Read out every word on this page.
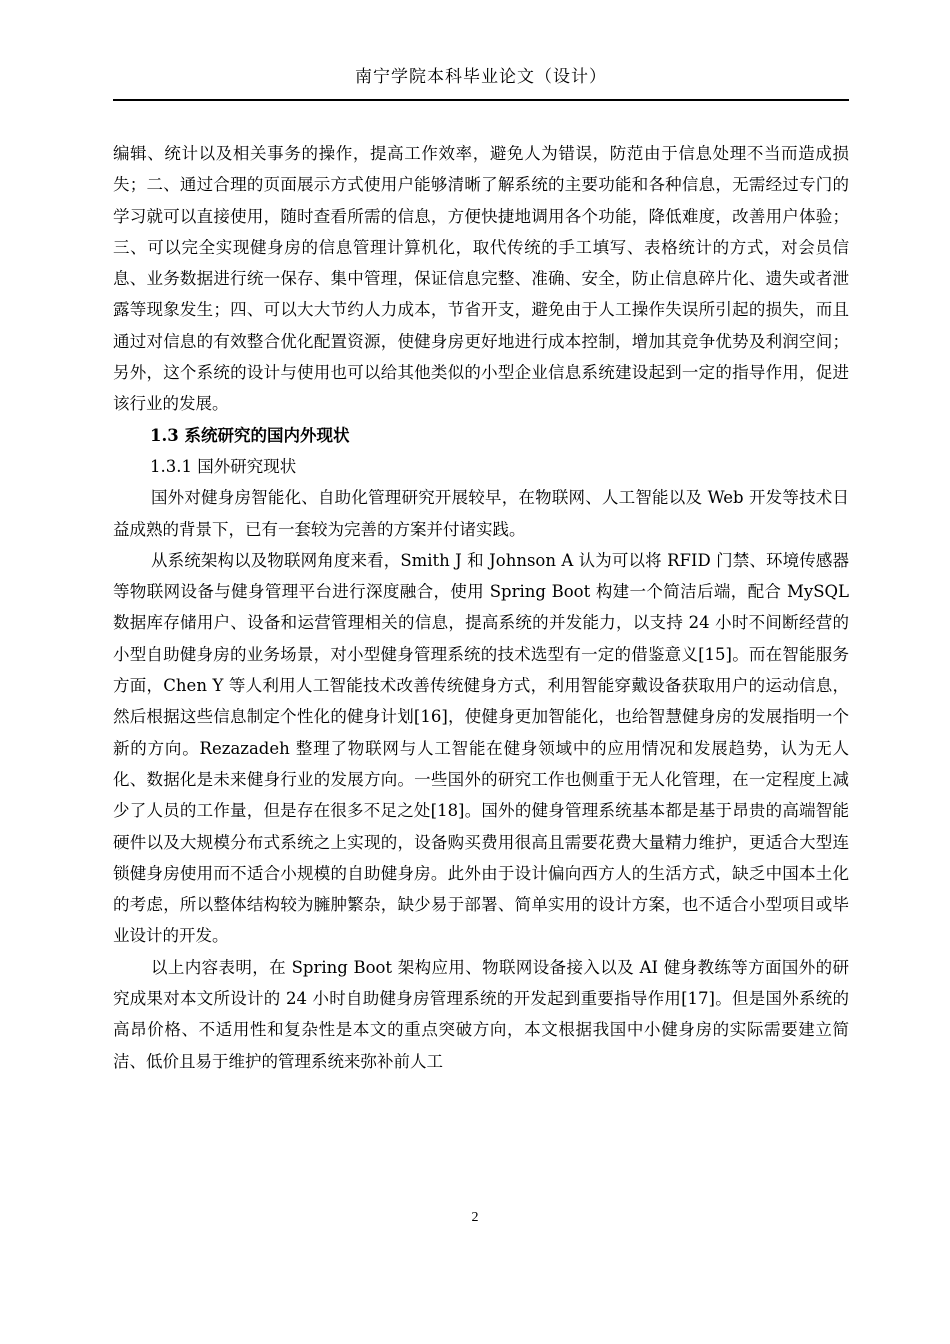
南宁学院本科毕业论文（设计）

编辑、统计以及相关事务的操作，提高工作效率，避免人为错误，防范由于信息处理不当而造成损失；二、通过合理的页面展示方式使用户能够清晰了解系统的主要功能和各种信息，无需经过专门的学习就可以直接使用，随时查看所需的信息，方便快捷地调用各个功能，降低难度，改善用户体验；三、可以完全实现健身房的信息管理计算机化，取代传统的手工填写、表格统计的方式，对会员信息、业务数据进行统一保存、集中管理，保证信息完整、准确、安全，防止信息碎片化、遗失或者泄露等现象发生；四、可以大大节约人力成本，节省开支，避免由于人工操作失误所引起的损失，而且通过对信息的有效整合优化配置资源，使健身房更好地进行成本控制，增加其竞争优势及利润空间；另外，这个系统的设计与使用也可以给其他类似的小型企业信息系统建设起到一定的指导作用，促进该行业的发展。

1.3 系统研究的国内外现状

1.3.1 国外研究现状

国外对健身房智能化、自助化管理研究开展较早，在物联网、人工智能以及 Web 开发等技术日益成熟的背景下，已有一套较为完善的方案并付诸实践。

从系统架构以及物联网角度来看，Smith J 和 Johnson A 认为可以将 RFID 门禁、环境传感器等物联网设备与健身管理平台进行深度融合，使用 Spring Boot 构建一个简洁后端，配合 MySQL 数据库存储用户、设备和运营管理相关的信息，提高系统的并发能力，以支持 24 小时不间断经营的小型自助健身房的业务场景，对小型健身管理系统的技术选型有一定的借鉴意义[15]。而在智能服务方面，Chen Y 等人利用人工智能技术改善传统健身方式，利用智能穿戴设备获取用户的运动信息，然后根据这些信息制定个性化的健身计划[16]，使健身更加智能化，也给智慧健身房的发展指明一个新的方向。Rezazadeh 整理了物联网与人工智能在健身领域中的应用情况和发展趋势，认为无人化、数据化是未来健身行业的发展方向。一些国外的研究工作也侧重于无人化管理，在一定程度上减少了人员的工作量，但是存在很多不足之处[18]。国外的健身管理系统基本都是基于昂贵的高端智能硬件以及大规模分布式系统之上实现的，设备购买费用很高且需要花费大量精力维护，更适合大型连锁健身房使用而不适合小规模的自助健身房。此外由于设计偏向西方人的生活方式，缺乏中国本土化的考虑，所以整体结构较为臃肿繁杂，缺少易于部署、简单实用的设计方案，也不适合小型项目或毕业设计的开发。

以上内容表明，在 Spring Boot 架构应用、物联网设备接入以及 AI 健身教练等方面国外的研究成果对本文所设计的 24 小时自助健身房管理系统的开发起到重要指导作用[17]。但是国外系统的高昂价格、不适用性和复杂性是本文的重点突破方向，本文根据我国中小健身房的实际需要建立简洁、低价且易于维护的管理系统来弥补前人工

2
